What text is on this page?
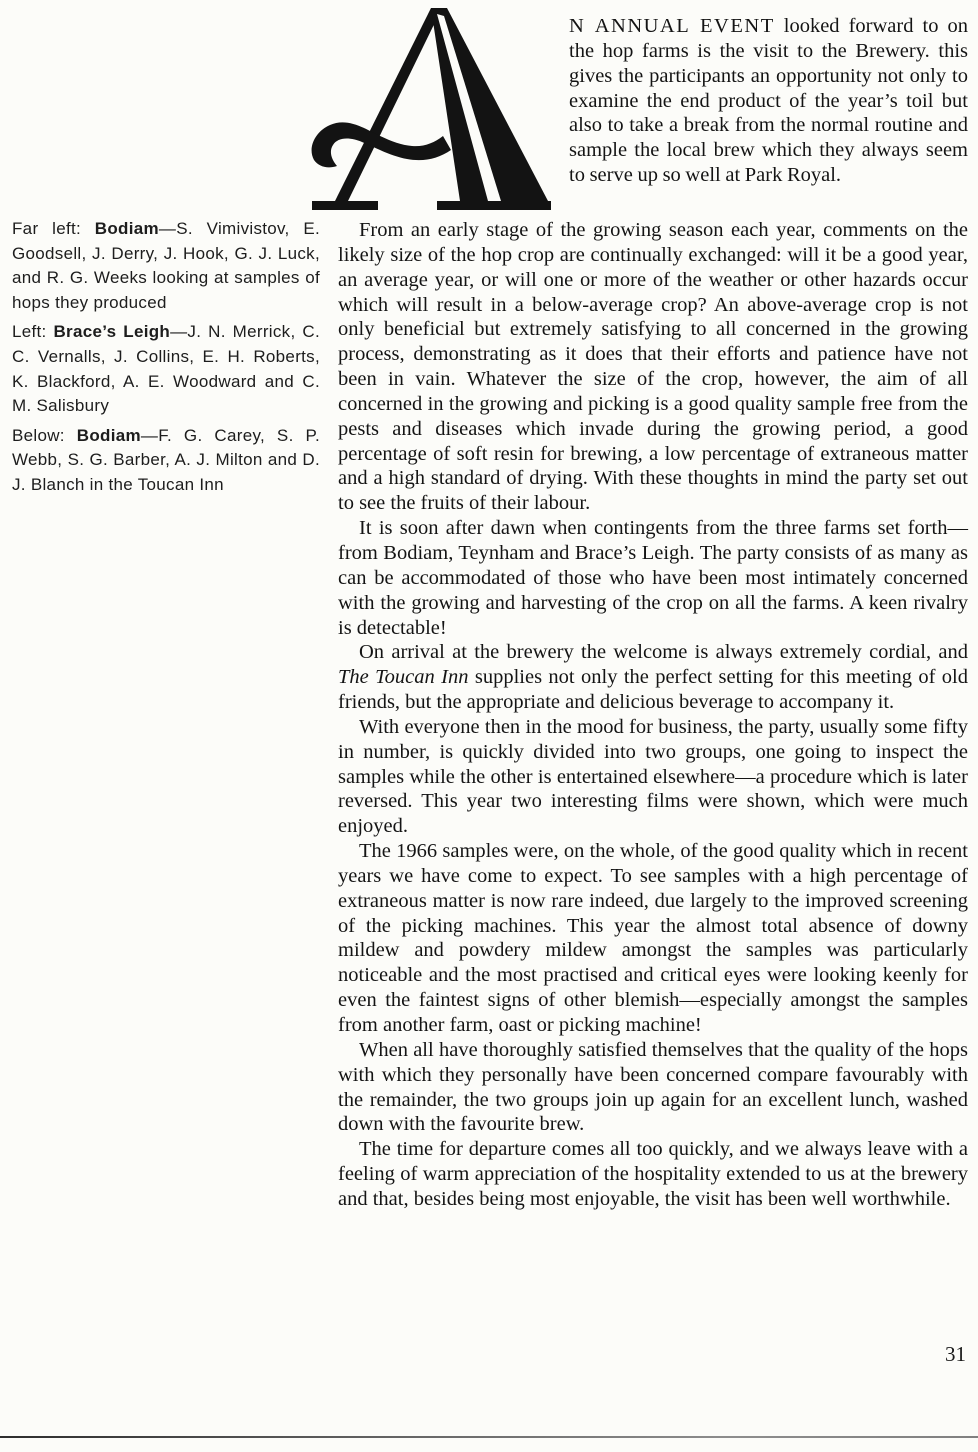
Far left: Bodiam—S. Vimivistov, E. Goodsell, J. Derry, J. Hook, G. J. Luck, and R. G. Weeks looking at samples of hops they produced

Left: Brace’s Leigh—J. N. Merrick, C. C. Vernalls, J. Collins, E. H. Roberts, K. Blackford, A. E. Woodward and C. M. Salisbury

Below: Bodiam—F. G. Carey, S. P. Webb, S. G. Barber, A. J. Milton and D. J. Blanch in the Toucan Inn

N ANNUAL EVENT looked forward to on the hop farms is the visit to the Brewery. this gives the participants an opportunity not only to examine the end product of the year’s toil but also to take a break from the normal routine and sample the local brew which they always seem to serve up so well at Park Royal.

From an early stage of the growing season each year, comments on the likely size of the hop crop are continually exchanged: will it be a good year, an average year, or will one or more of the weather or other hazards occur which will result in a below-average crop? An above-average crop is not only beneficial but extremely satisfying to all concerned in the growing process, demonstrating as it does that their efforts and patience have not been in vain. Whatever the size of the crop, however, the aim of all concerned in the growing and picking is a good quality sample free from the pests and diseases which invade during the growing period, a good percentage of soft resin for brewing, a low percentage of extraneous matter and a high standard of drying. With these thoughts in mind the party set out to see the fruits of their labour.

It is soon after dawn when contingents from the three farms set forth—from Bodiam, Teynham and Brace’s Leigh. The party consists of as many as can be accommodated of those who have been most intimately concerned with the growing and harvesting of the crop on all the farms. A keen rivalry is detectable!

On arrival at the brewery the welcome is always extremely cordial, and The Toucan Inn supplies not only the perfect setting for this meeting of old friends, but the appropriate and delicious beverage to accompany it.

With everyone then in the mood for business, the party, usually some fifty in number, is quickly divided into two groups, one going to inspect the samples while the other is entertained elsewhere—a procedure which is later reversed. This year two interesting films were shown, which were much enjoyed.

The 1966 samples were, on the whole, of the good quality which in recent years we have come to expect. To see samples with a high percentage of extraneous matter is now rare indeed, due largely to the improved screening of the picking machines. This year the almost total absence of downy mildew and powdery mildew amongst the samples was particularly noticeable and the most practised and critical eyes were looking keenly for even the faintest signs of other blemish—especially amongst the samples from another farm, oast or picking machine!

When all have thoroughly satisfied themselves that the quality of the hops with which they personally have been concerned compare favourably with the remainder, the two groups join up again for an excellent lunch, washed down with the favourite brew.

The time for departure comes all too quickly, and we always leave with a feeling of warm appreciation of the hospitality extended to us at the brewery and that, besides being most enjoyable, the visit has been well worthwhile.

31
